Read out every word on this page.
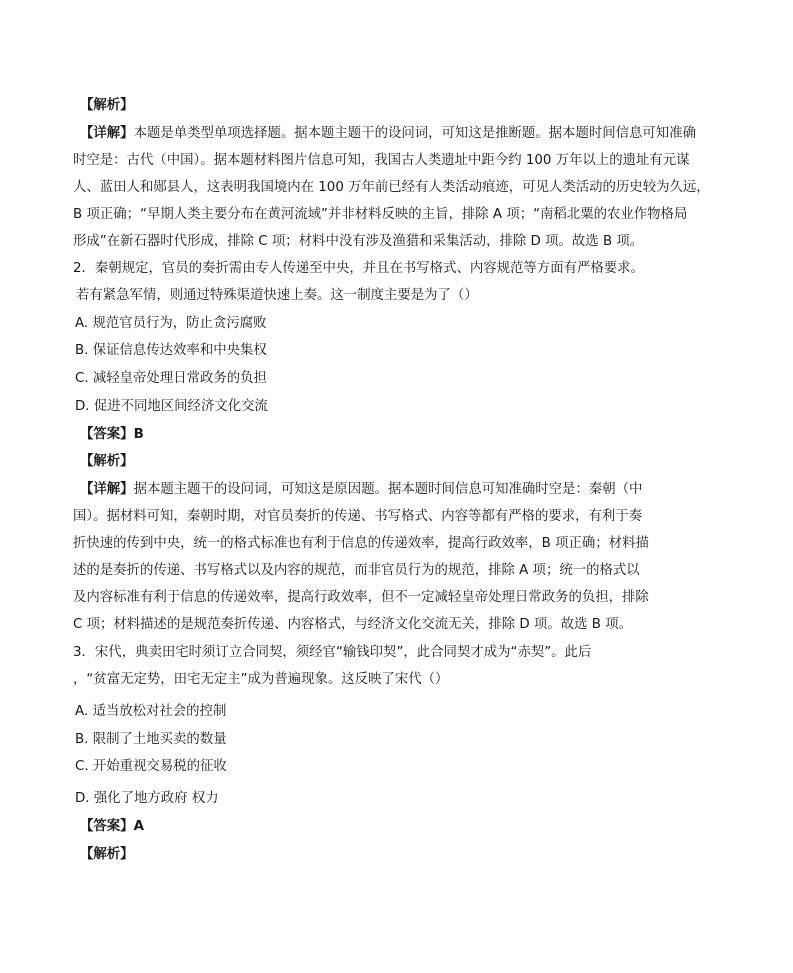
【解析】
【详解】本题是单类型单项选择题。据本题主题干的设问词，可知这是推断题。据本题时间信息可知准确
时空是：古代（中国）。据本题材料图片信息可知，我国古人类遗址中距今约 100 万年以上的遗址有元谋
人、蓝田人和郧县人，这表明我国境内在 100 万年前已经有人类活动痕迹，可见人类活动的历史较为久远，
B 项正确；“早期人类主要分布在黄河流域”并非材料反映的主旨，排除 A 项；“南稻北粟的农业作物格局
形成”在新石器时代形成，排除 C 项；材料中没有涉及渔猎和采集活动，排除 D 项。故选 B 项。
2．秦朝规定，官员的奏折需由专人传递至中央，并且在书写格式、内容规范等方面有严格要求。
若有紧急军情，则通过特殊渠道快速上奏。这一制度主要是为了（）
A. 规范官员行为，防止贪污腐败
B. 保证信息传达效率和中央集权
C. 减轻皇帝处理日常政务的负担
D. 促进不同地区间经济文化交流
【答案】B
【解析】
【详解】据本题主题干的设问词，可知这是原因题。据本题时间信息可知准确时空是：秦朝（中
国）。据材料可知，秦朝时期，对官员奏折的传递、书写格式、内容等都有严格的要求，有利于奏
折快速的传到中央，统一的格式标准也有利于信息的传递效率，提高行政效率，B 项正确；材料描
述的是奏折的传递、书写格式以及内容的规范，而非官员行为的规范，排除 A 项；统一的格式以
及内容标准有利于信息的传递效率，提高行政效率，但不一定减轻皇帝处理日常政务的负担，排除
C 项；材料描述的是规范奏折传递、内容格式，与经济文化交流无关，排除 D 项。故选 B 项。
3．宋代，典卖田宅时须订立合同契，须经官“输钱印契”，此合同契才成为“赤契”。此后
，“贫富无定势，田宅无定主”成为普遍现象。这反映了宋代（）
A. 适当放松对社会的控制
B. 限制了土地买卖的数量
C. 开始重视交易税的征收
D. 强化了地方政府 权力
【答案】A
【解析】
